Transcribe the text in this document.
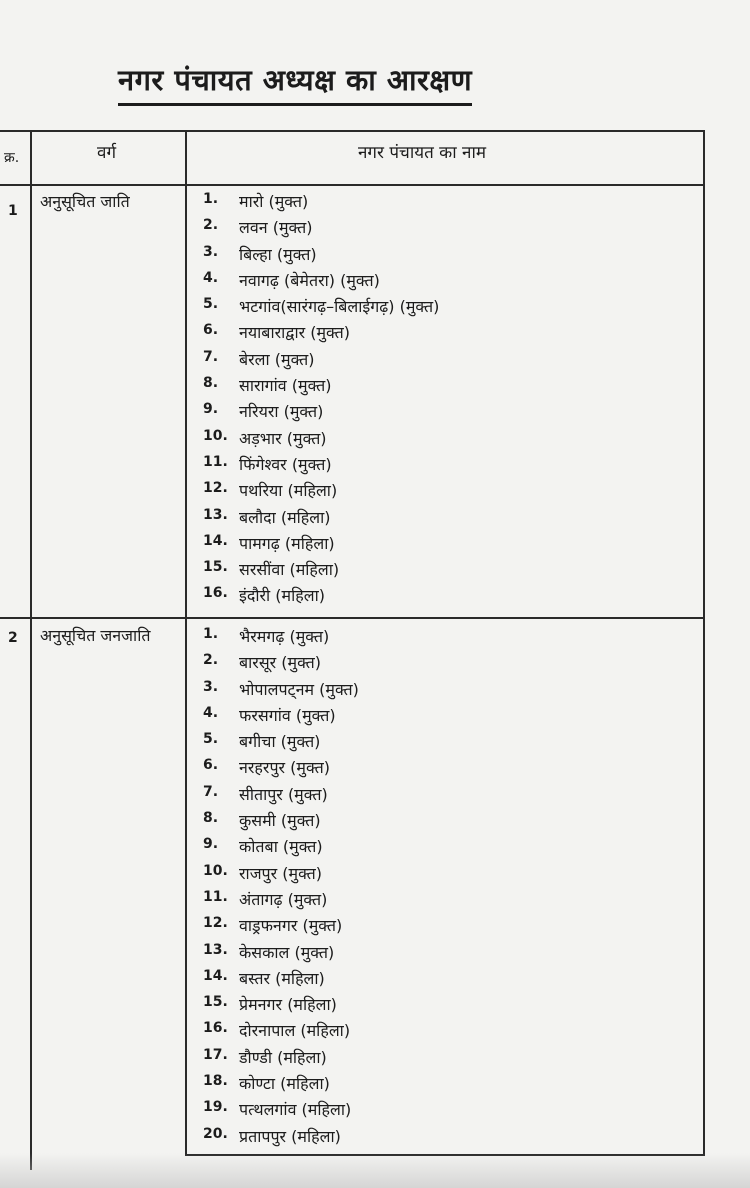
नगर पंचायत अध्यक्ष का आरक्षण
क्र.	वर्ग	नगर पंचायत का नाम
1 अनुसूचित जाति	1.	मारो (मुक्त)
2.	लवन (मुक्त)
3.	बिल्हा (मुक्त)
4.	नवागढ़ (बेमेतरा) (मुक्त)
5.	भटगांव(सारंगढ़–बिलाईगढ़) (मुक्त)
6.	नयाबाराद्वार (मुक्त)
7.	बेरला (मुक्त)
8.	सारागांव (मुक्त)
9.	नरियरा (मुक्त)
10. अड़भार (मुक्त)
11. फिंगेश्वर (मुक्त)
12. पथरिया (महिला)
13. बलौदा (महिला)
14. पामगढ़ (महिला)
15. सरसींवा (महिला)
16. इंदौरी (महिला)
2 अनुसूचित जनजाति	1.	भैरमगढ़ (मुक्त)
2.	बारसूर (मुक्त)
3.	भोपालपट्नम (मुक्त)
4.	फरसगांव (मुक्त)
5.	बगीचा (मुक्त)
6.	नरहरपुर (मुक्त)
7.	सीतापुर (मुक्त)
8.	कुसमी (मुक्त)
9.	कोतबा (मुक्त)
10. राजपुर (मुक्त)
11. अंतागढ़ (मुक्त)
12. वाड्रफनगर (मुक्त)
13. केसकाल (मुक्त)
14. बस्तर (महिला)
15. प्रेमनगर (महिला)
16. दोरनापाल (महिला)
17. डौण्डी (महिला)
18. कोण्टा (महिला)
19. पत्थलगांव (महिला)
20. प्रतापपुर (महिला)
